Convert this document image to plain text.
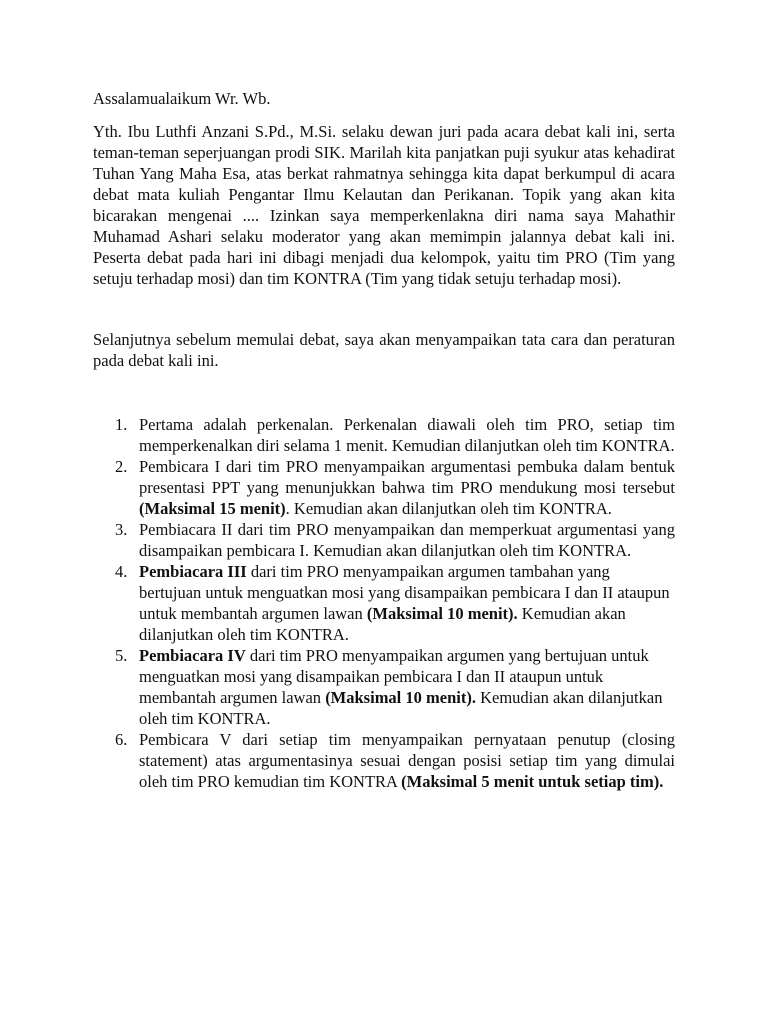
Assalamualaikum Wr. Wb.

Yth. Ibu Luthfi Anzani S.Pd., M.Si. selaku dewan juri pada acara debat kali ini, serta teman-teman seperjuangan prodi SIK. Marilah kita panjatkan puji syukur atas kehadirat Tuhan Yang Maha Esa, atas berkat rahmatnya sehingga kita dapat berkumpul di acara debat mata kuliah Pengantar Ilmu Kelautan dan Perikanan. Topik yang akan kita bicarakan mengenai .... Izinkan saya memperkenlakna diri nama saya Mahathir Muhamad Ashari selaku moderator yang akan memimpin jalannya debat kali ini. Peserta debat pada hari ini dibagi menjadi dua kelompok, yaitu tim PRO (Tim yang setuju terhadap mosi) dan tim KONTRA (Tim yang tidak setuju terhadap mosi).

Selanjutnya sebelum memulai debat, saya akan menyampaikan tata cara dan peraturan pada debat kali ini.

1. Pertama adalah perkenalan. Perkenalan diawali oleh tim PRO, setiap tim memperkenalkan diri selama 1 menit. Kemudian dilanjutkan oleh tim KONTRA.
2. Pembicara I dari tim PRO menyampaikan argumentasi pembuka dalam bentuk presentasi PPT yang menunjukkan bahwa tim PRO mendukung mosi tersebut (Maksimal 15 menit). Kemudian akan dilanjutkan oleh tim KONTRA.
3. Pembiacara II dari tim PRO menyampaikan dan memperkuat argumentasi yang disampaikan pembicara I. Kemudian akan dilanjutkan oleh tim KONTRA.
4. Pembiacara III dari tim PRO menyampaikan argumen tambahan yang bertujuan untuk menguatkan mosi yang disampaikan pembicara I dan II ataupun untuk membantah argumen lawan (Maksimal 10 menit). Kemudian akan dilanjutkan oleh tim KONTRA.
5. Pembiacara IV dari tim PRO menyampaikan argumen yang bertujuan untuk menguatkan mosi yang disampaikan pembicara I dan II ataupun untuk membantah argumen lawan (Maksimal 10 menit). Kemudian akan dilanjutkan oleh tim KONTRA.
6. Pembicara V dari setiap tim menyampaikan pernyataan penutup (closing statement) atas argumentasinya sesuai dengan posisi setiap tim yang dimulai oleh tim PRO kemudian tim KONTRA (Maksimal 5 menit untuk setiap tim).
